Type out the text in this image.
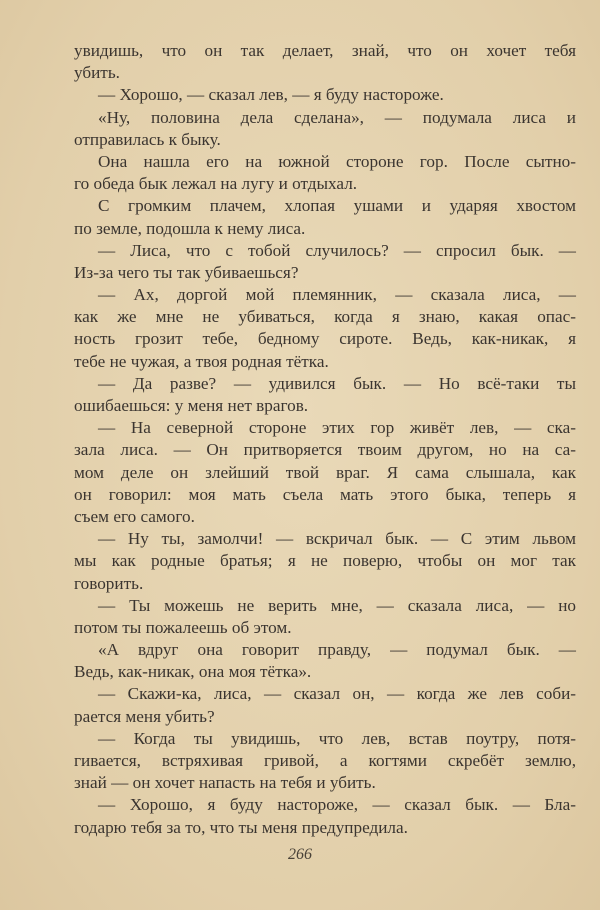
увидишь, что он так делает, знай, что он хочет тебя
убить.
— Хорошо, — сказал лев, — я буду настороже.
«Ну, половина дела сделана», — подумала лиса и
отправилась к быку.
Она нашла его на южной стороне гор. После сытно-
го обеда бык лежал на лугу и отдыхал.
С громким плачем, хлопая ушами и ударяя хвостом
по земле, подошла к нему лиса.
— Лиса, что с тобой случилось? — спросил бык. —
Из-за чего ты так убиваешься?
— Ах, доргой мой племянник, — сказала лиса, —
как же мне не убиваться, когда я знаю, какая опас-
ность грозит тебе, бедному сироте. Ведь, как-никак, я
тебе не чужая, а твоя родная тётка.
— Да разве? — удивился бык. — Но всё-таки ты
ошибаешься: у меня нет врагов.
— На северной стороне этих гор живёт лев, — ска-
зала лиса. — Он притворяется твоим другом, но на са-
мом деле он злейший твой враг. Я сама слышала, как
он говорил: моя мать съела мать этого быка, теперь я
съем его самого.
— Ну ты, замолчи! — вскричал бык. — С этим львом
мы как родные братья; я не поверю, чтобы он мог так
говорить.
— Ты можешь не верить мне, — сказала лиса, — но
потом ты пожалеешь об этом.
«А вдруг она говорит правду, — подумал бык. —
Ведь, как-никак, она моя тётка».
— Скажи-ка, лиса, — сказал он, — когда же лев соби-
рается меня убить?
— Когда ты увидишь, что лев, встав поутру, потя-
гивается, встряхивая гривой, а когтями скребёт землю,
знай — он хочет напасть на тебя и убить.
— Хорошо, я буду настороже, — сказал бык. — Бла-
годарю тебя за то, что ты меня предупредила.
266
